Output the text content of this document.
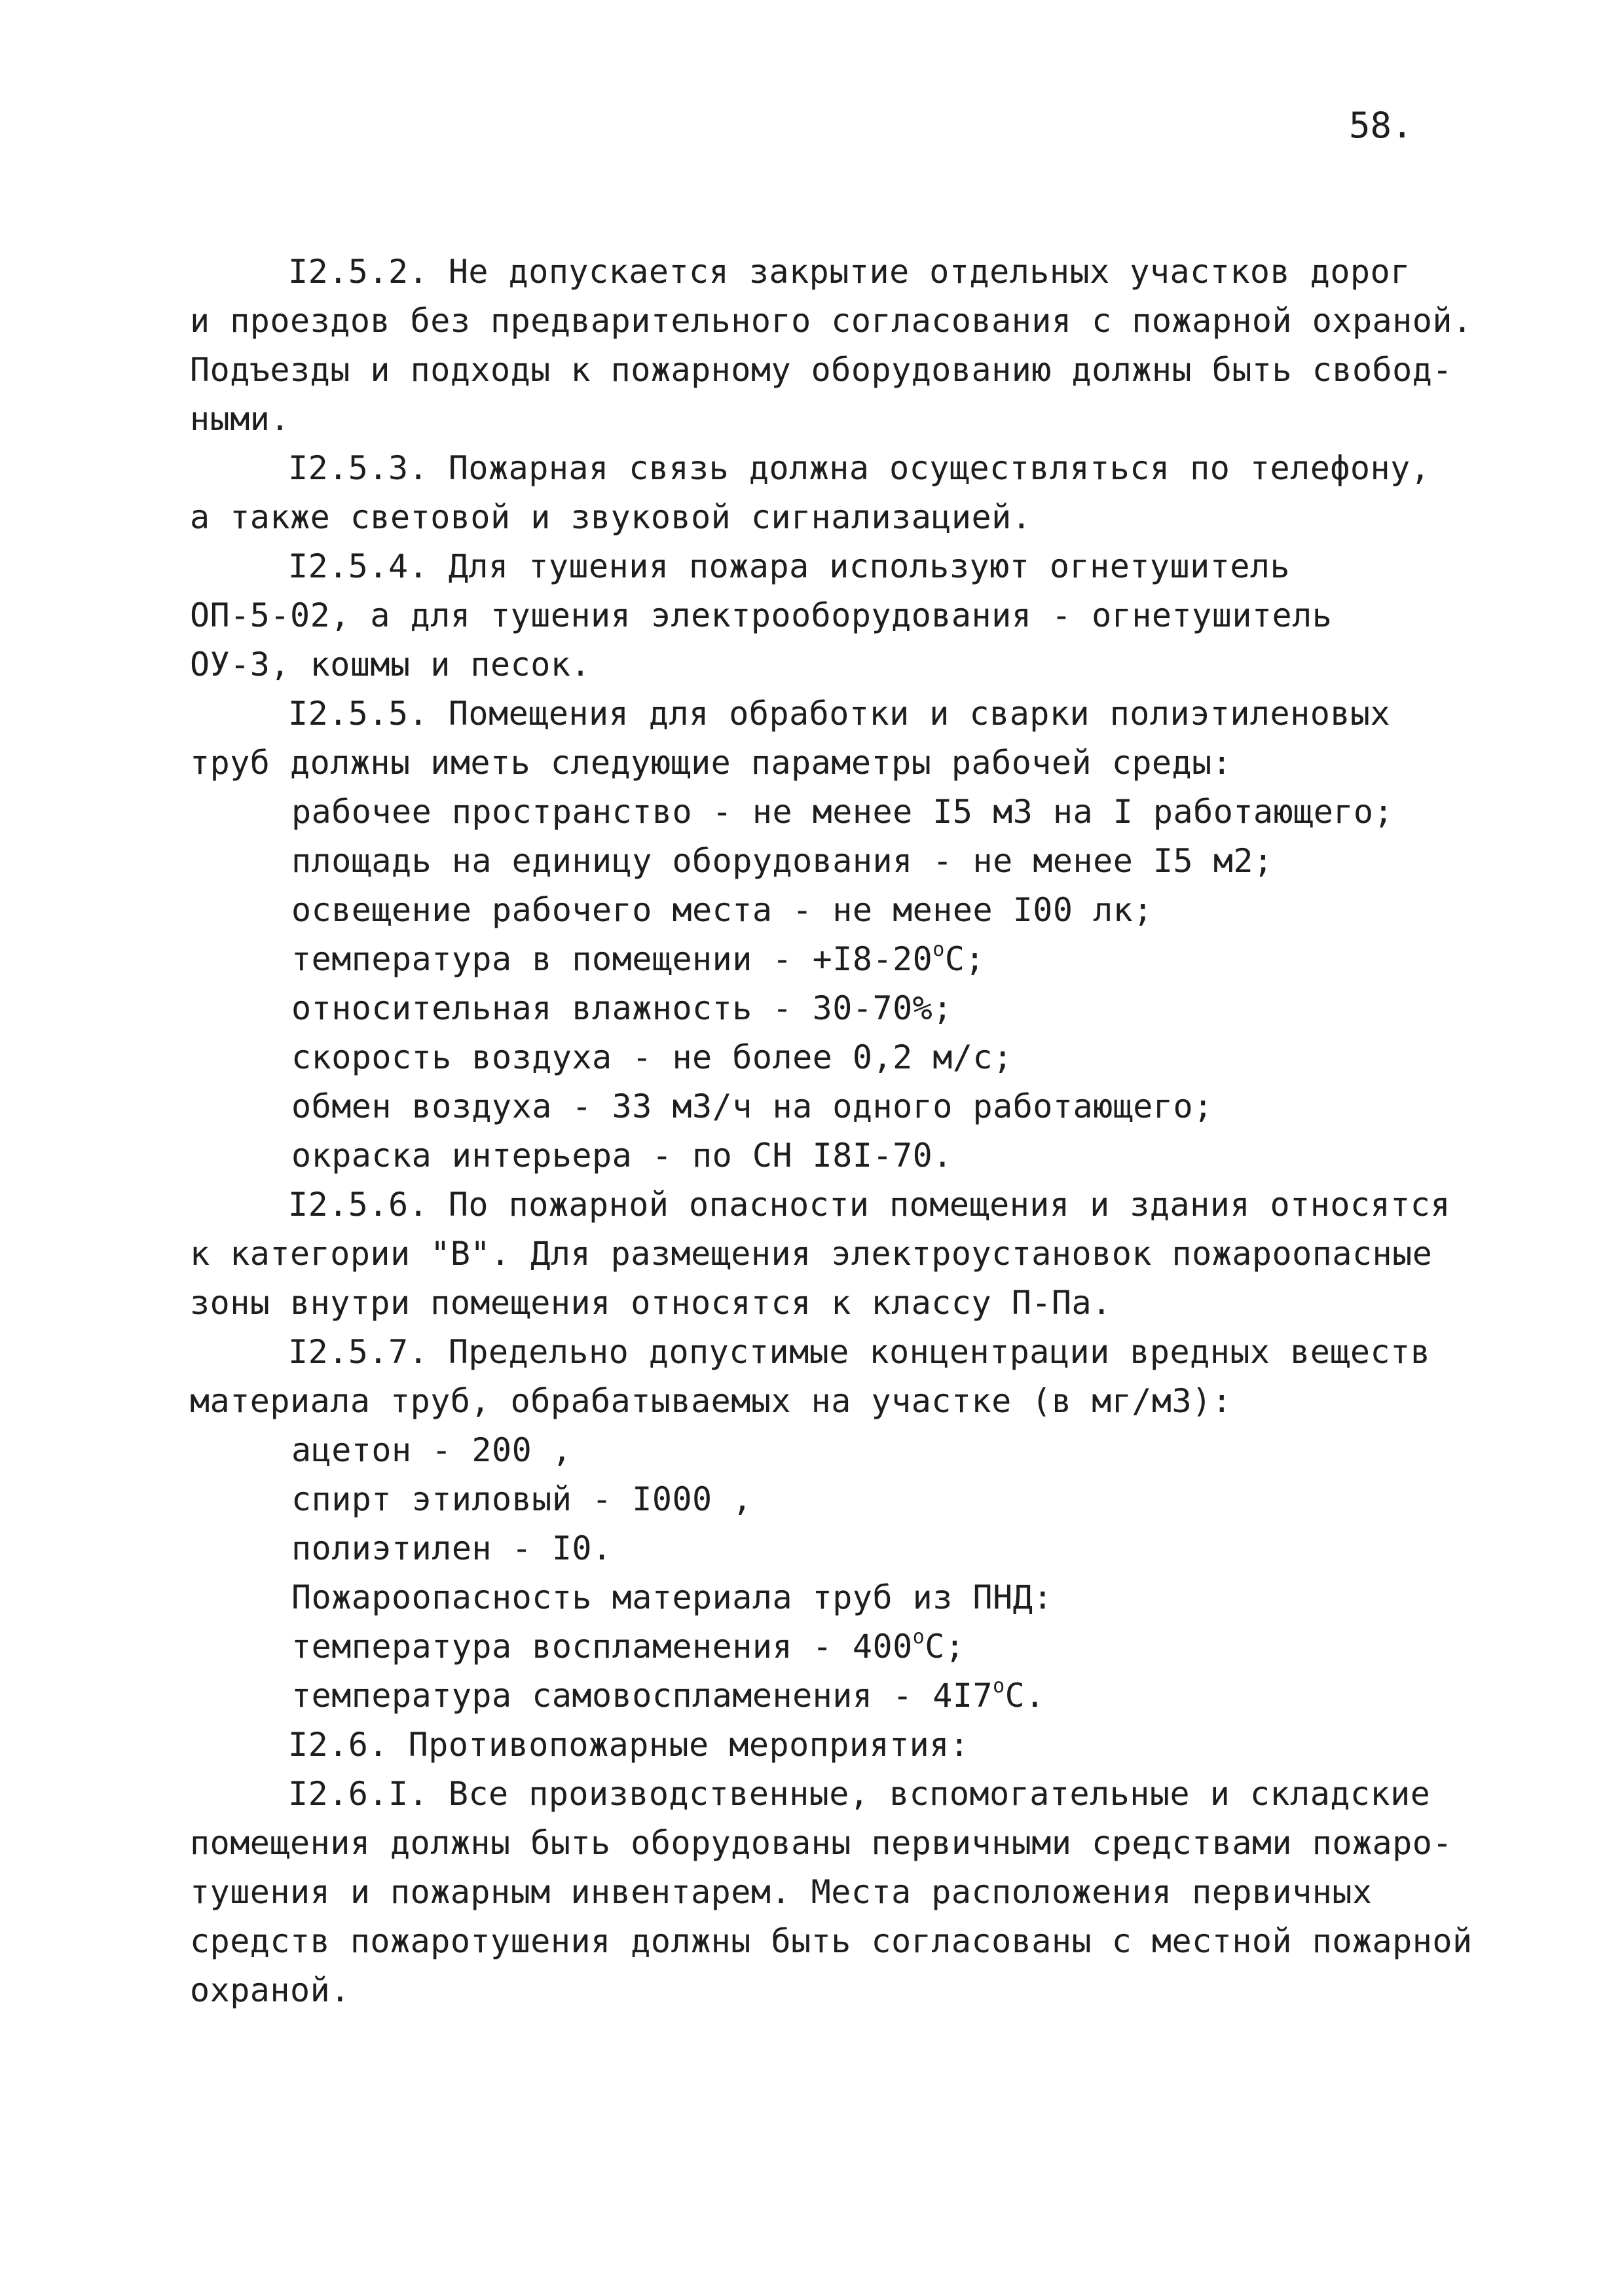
58.
I2.5.2. Не допускается закрытие отдельных участков дорог
и проездов без предварительного согласования с пожарной охраной.
Подъезды и подходы к пожарному оборудованию должны быть свобод-
ными.
I2.5.3. Пожарная связь должна осуществляться по телефону,
а также световой и звуковой сигнализацией.
I2.5.4. Для тушения пожара используют огнетушитель
ОП-5-02, а для тушения электрооборудования - огнетушитель
ОУ-3, кошмы и песок.
I2.5.5. Помещения для обработки и сварки полиэтиленовых
труб должны иметь следующие параметры рабочей среды:
рабочее пространство - не менее I5 м3 на I работающего;
площадь на единицу оборудования - не менее I5 м2;
освещение рабочего места - не менее I00 лк;
температура в помещении - $+I8-20^оС$;
относительная влажность - 30-70%;
скорость воздуха - не более 0,2 м/с;
обмен воздуха - 33 м3/ч на одного работающего;
окраска интерьера - по СН I8I-70.
I2.5.6. По пожарной опасности помещения и здания относятся
к категории "В". Для размещения электроустановок пожароопасные
зоны внутри помещения относятся к классу П-Па.
I2.5.7. Предельно допустимые концентрации вредных веществ
материала труб, обрабатываемых на участке (в мг/м3):
ацетон - 200 ,
спирт этиловый - I000 ,
полиэтилен - I0.
Пожароопасность материала труб из ПНД:
температура воспламенения - $400^оС$;
температура самовоспламенения - $4I7^оС$.
I2.6. Противопожарные мероприятия:
I2.6.I. Все производственные, вспомогательные и складские
помещения должны быть оборудованы первичными средствами пожаро-
тушения и пожарным инвентарем. Места расположения первичных
средств пожаротушения должны быть согласованы с местной пожарной
охраной.
